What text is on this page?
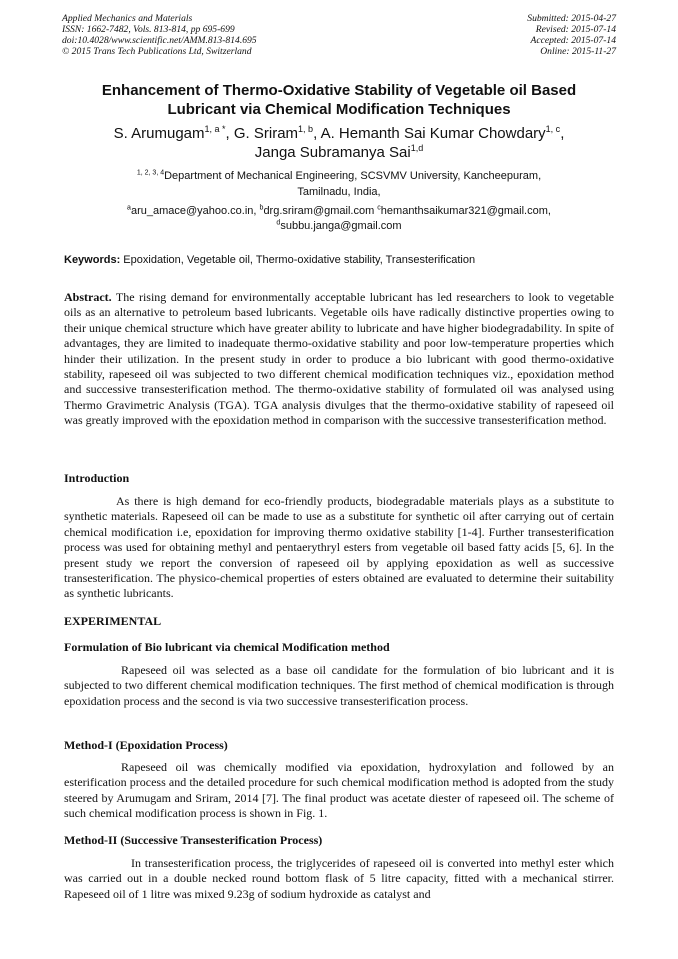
Applied Mechanics and Materials
ISSN: 1662-7482, Vols. 813-814, pp 695-699
doi:10.4028/www.scientific.net/AMM.813-814.695
© 2015 Trans Tech Publications Ltd, Switzerland
Submitted: 2015-04-27
Revised: 2015-07-14
Accepted: 2015-07-14
Online: 2015-11-27
Enhancement of Thermo-Oxidative Stability of Vegetable oil Based
Lubricant via Chemical Modification Techniques
S. Arumugam$^{1, a *}$, G. Sriram$^{1, b}$, A. Hemanth Sai Kumar Chowdary$^{1, c}$,
Janga Subramanya Sai$^{1,d}$
$^{1, 2, 3, 4}$Department of Mechanical Engineering, SCSVMV University, Kancheepuram,
Tamilnadu, India,
$^a$aru_amace@yahoo.co.in, $^b$drg.sriram@gmail.com $^c$hemanthsaikumar321@gmail.com,
$^d$subbu.janga@gmail.com
Keywords: Epoxidation, Vegetable oil, Thermo-oxidative stability, Transesterification
Abstract. The rising demand for environmentally acceptable lubricant has led researchers to look to vegetable oils as an alternative to petroleum based lubricants. Vegetable oils have radically distinctive properties owing to their unique chemical structure which have greater ability to lubricate and have higher biodegradability. In spite of advantages, they are limited to inadequate thermo-oxidative stability and poor low-temperature properties which hinder their utilization. In the present study in order to produce a bio lubricant with good thermo-oxidative stability, rapeseed oil was subjected to two different chemical modification techniques viz., epoxidation method and successive transesterification method. The thermo-oxidative stability of formulated oil was analysed using Thermo Gravimetric Analysis (TGA). TGA analysis divulges that the thermo-oxidative stability of rapeseed oil was greatly improved with the epoxidation method in comparison with the successive transesterification method.
Introduction
As there is high demand for eco-friendly products, biodegradable materials plays as a substitute to synthetic materials. Rapeseed oil can be made to use as a substitute for synthetic oil after carrying out of certain chemical modification i.e, epoxidation for improving thermo oxidative stability [1-4]. Further transesterification process was used for obtaining methyl and pentaerythryl esters from vegetable oil based fatty acids [5, 6]. In the present study we report the conversion of rapeseed oil by applying epoxidation as well as successive transesterification. The physico-chemical properties of esters obtained are evaluated to determine their suitability as synthetic lubricants.
EXPERIMENTAL
Formulation of Bio lubricant via chemical Modification method
Rapeseed oil was selected as a base oil candidate for the formulation of bio lubricant and it is subjected to two different chemical modification techniques. The first method of chemical modification is through epoxidation process and the second is via two successive transesterification process.
Method-I (Epoxidation Process)
Rapeseed oil was chemically modified via epoxidation, hydroxylation and followed by an esterification process and the detailed procedure for such chemical modification method is adopted from the study steered by Arumugam and Sriram, 2014 [7]. The final product was acetate diester of rapeseed oil. The scheme of such chemical modification process is shown in Fig. 1.
Method-II (Successive Transesterification Process)
In transesterification process, the triglycerides of rapeseed oil is converted into methyl ester which was carried out in a double necked round bottom flask of 5 litre capacity, fitted with a mechanical stirrer. Rapeseed oil of 1 litre was mixed 9.23g of sodium hydroxide as catalyst and
